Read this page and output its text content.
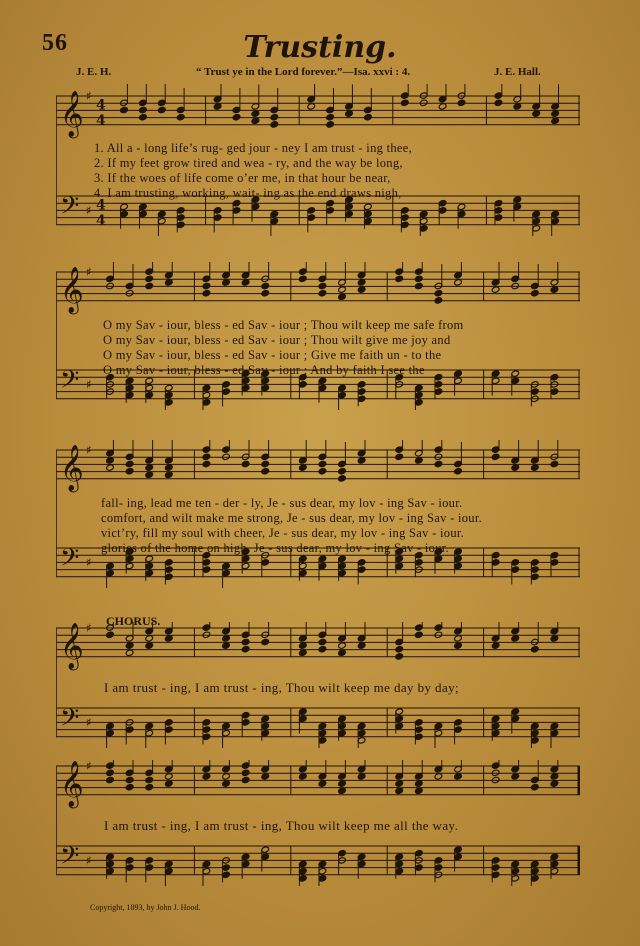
56	Trusting.
J. E. H.	“ Trust ye in the Lord forever.”—Isa. xxvi : 4.	J. E. Hall.
𝄞
𝄢
♯
♯
4
4
4
4
1. All a - long life’s rug- ged jour - ney I am trust - ing thee,
2. If my feet grow tired and wea - ry, and the way be long,
3. If the woes of life come o’er me, in that hour be near,
4. I am trusting, working, wait- ing as the end draws nigh,
𝄞
𝄢
♯
♯
O my Sav - iour, bless - ed Sav - iour ; Thou wilt keep me safe from
O my Sav - iour, bless - ed Sav - iour ; Thou wilt give me joy and
O my Sav - iour, bless - ed Sav - iour ; Give me faith un - to the
O my Sav - iour, bless - ed Sav - iour ; And by faith I see the
𝄞
𝄢
♯
♯
fall- ing, lead me ten - der - ly, Je - sus dear, my lov - ing Sav - iour.
comfort, and wilt make me strong, Je - sus dear, my lov - ing Sav - iour.
vict’ry, fill my soul with cheer, Je - sus dear, my lov - ing Sav - iour.
glories of the home on high, Je - sus dear, my lov - ing Sav - iour.
CHORUS.
𝄞
𝄢
♯
♯
I am trust - ing, I am trust - ing, Thou wilt keep me day by day;
𝄞
𝄢
♯
♯
I am trust - ing, I am trust - ing, Thou wilt keep me all the way.
Copyright, 1893, by John J. Hood.
